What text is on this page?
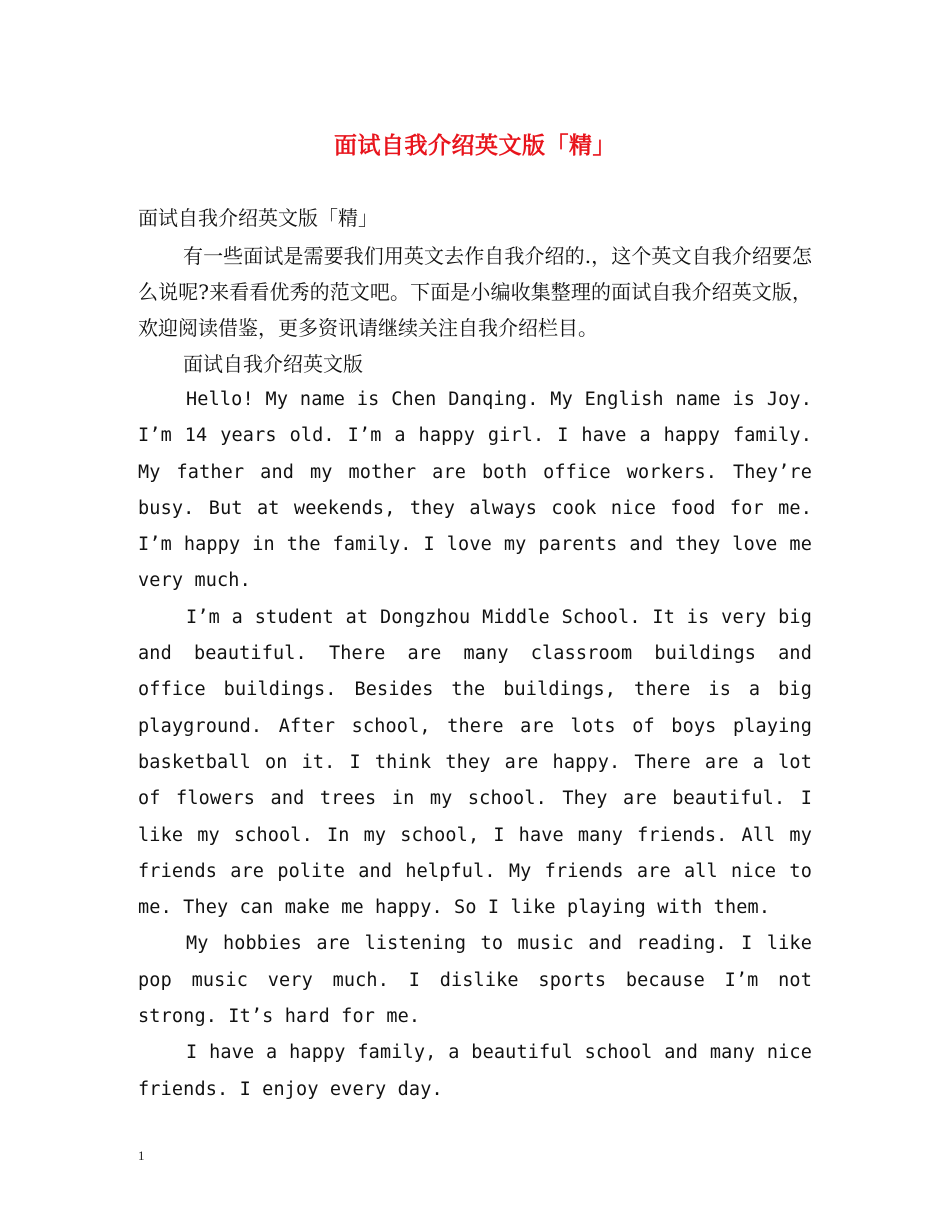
面试自我介绍英文版「精」

面试自我介绍英文版「精」

有一些面试是需要我们用英文去作自我介绍的.，这个英文自我介绍要怎么说呢?来看看优秀的范文吧。下面是小编收集整理的面试自我介绍英文版，欢迎阅读借鉴，更多资讯请继续关注自我介绍栏目。

面试自我介绍英文版

Hello! My name is Chen Danqing. My English name is Joy. I’m 14 years old. I’m a happy girl. I have a happy family. My father and my mother are both office workers. They’re busy. But at weekends, they always cook nice food for me. I’m happy in the family. I love my parents and they love me very much.

I’m a student at Dongzhou Middle School. It is very big and beautiful. There are many classroom buildings and office buildings. Besides the buildings, there is a big playground. After school, there are lots of boys playing basketball on it. I think they are happy. There are a lot of flowers and trees in my school. They are beautiful. I like my school. In my school, I have many friends. All my friends are polite and helpful. My friends are all nice to me. They can make me happy. So I like playing with them.

My hobbies are listening to music and reading. I like pop music very much. I dislike sports because I’m not strong. It’s hard for me.

I have a happy family, a beautiful school and many nice friends. I enjoy every day.

1
